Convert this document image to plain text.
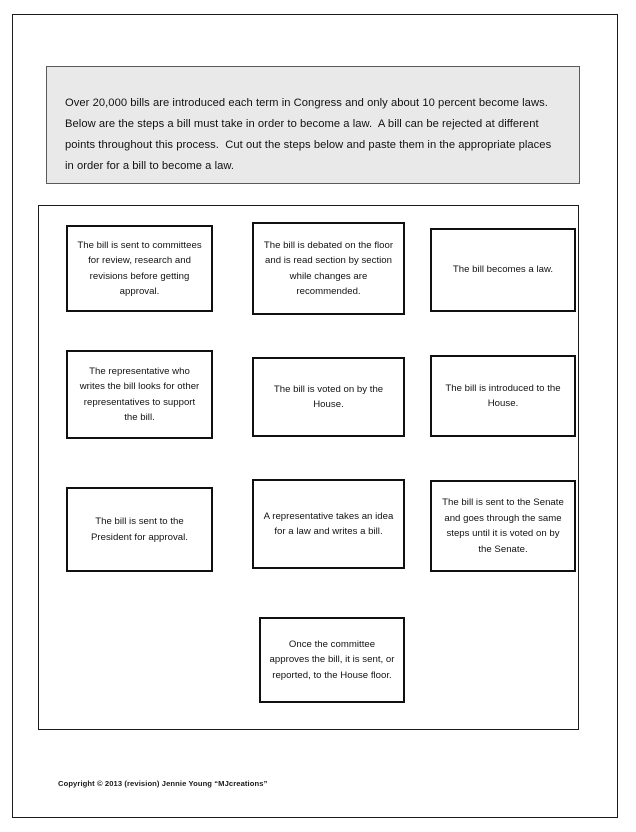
Over 20,000 bills are introduced each term in Congress and only about 10 percent become laws.   Below are the steps a bill must take in order to become a law.  A bill can be rejected at different points throughout this process.  Cut out the steps below and paste them in the appropriate places in order for a bill to become a law.
The bill is sent to committees for review, research and revisions before getting approval.
The bill is debated on the floor and is read section by section while changes are recommended.
The bill becomes a law.
The representative who writes the bill looks for other representatives to support the bill.
The bill is voted on by the House.
The bill is introduced to the House.
The bill is sent to the President for approval.
A representative takes an idea for a law and writes a bill.
The bill is sent to the Senate and goes through the same steps until it is voted on by the Senate.
Once the committee approves the bill, it is sent, or reported, to the House floor.
Copyright © 2013 (revision) Jennie Young “MJcreations”
